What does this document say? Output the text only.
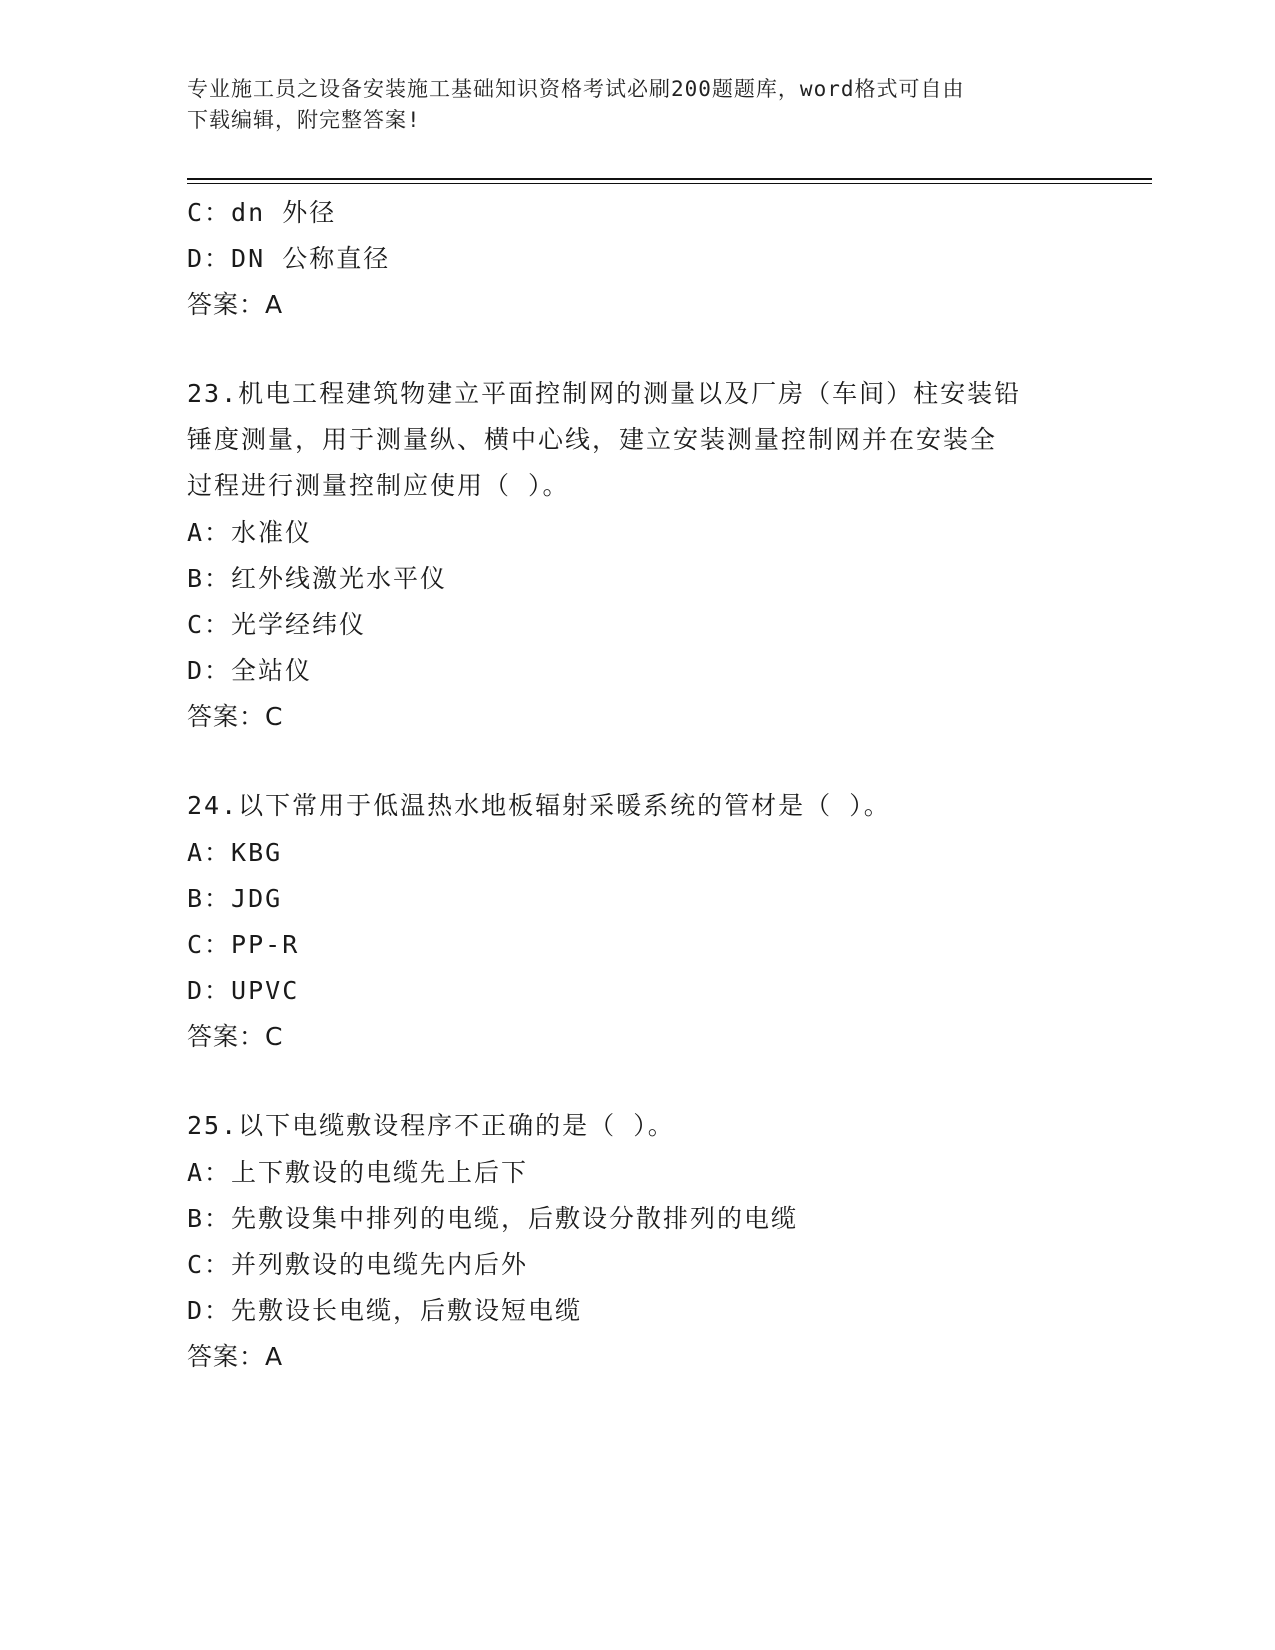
专业施工员之设备安装施工基础知识资格考试必刷200题题库，word格式可自由
下载编辑，附完整答案!
C：dn 外径
D：DN 公称直径
答案：A
23.机电工程建筑物建立平面控制网的测量以及厂房（车间）柱安装铅
锤度测量，用于测量纵、横中心线，建立安装测量控制网并在安装全
过程进行测量控制应使用（ ）。
A：水准仪
B：红外线激光水平仪
C：光学经纬仪
D：全站仪
答案：C
24.以下常用于低温热水地板辐射采暖系统的管材是（ ）。
A：KBG
B：JDG
C：PP-R
D：UPVC
答案：C
25.以下电缆敷设程序不正确的是（ ）。
A：上下敷设的电缆先上后下
B：先敷设集中排列的电缆，后敷设分散排列的电缆
C：并列敷设的电缆先内后外
D：先敷设长电缆，后敷设短电缆
答案：A
